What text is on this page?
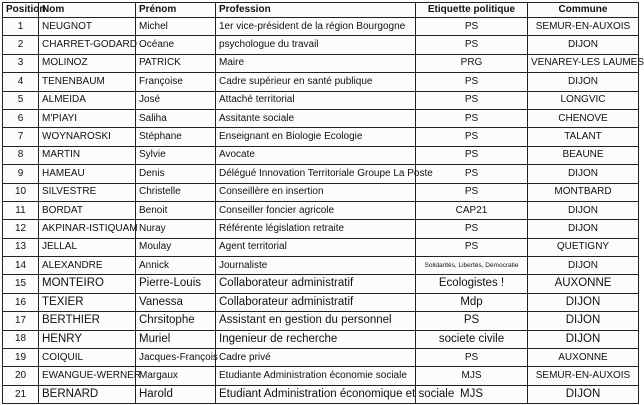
Position	Nom	Prénom	Profession	Etiquette politique	Commune
1	NEUGNOT	Michel	1er vice-président de la région Bourgogne	PS	SEMUR-EN-AUXOIS
2	CHARRET-GODARD	Océane	psychologue du travail	PS	DIJON
3	MOLINOZ	PATRICK	Maire	PRG	VENAREY-LES LAUMES
4	TENENBAUM	Françoise	Cadre supérieur en santé publique	PS	DIJON
5	ALMEIDA	José	Attaché territorial	PS	LONGVIC
6	M'PIAYI	Saliha	Assitante sociale	PS	CHENOVE
7	WOYNAROSKI	Stéphane	Enseignant en Biologie Ecologie	PS	TALANT
8	MARTIN	Sylvie	Avocate	PS	BEAUNE
9	HAMEAU	Denis	Délégué Innovation Territoriale Groupe La Poste	PS	DIJON
10	SILVESTRE	Christelle	Conseillère en insertion	PS	MONTBARD
11	BORDAT	Benoit	Conseiller foncier agricole	CAP21	DIJON
12	AKPINAR-ISTIQUAM	Nuray	Référente législation retraite	PS	DIJON
13	JELLAL	Moulay	Agent territorial	PS	QUETIGNY
14	ALEXANDRE	Annick	Journaliste	Solidarités, Libertés, Démocratie	DIJON
15	MONTEIRO	Pierre-Louis	Collaborateur administratif	Ecologistes !	AUXONNE
16	TEXIER	Vanessa	Collaborateur administratif	Mdp	DIJON
17	BERTHIER	Chrsitophe	Assistant en gestion du personnel	PS	DIJON
18	HENRY	Muriel	Ingenieur de recherche	societe civile	DIJON
19	COIQUIL	Jacques-François	Cadre privé	PS	AUXONNE
20	EWANGUE-WERNER	Margaux	Etudiante Administration économie sociale	MJS	SEMUR-EN-AUXOIS
21	BERNARD	Harold	Etudiant Administration économique et sociale	MJS	DIJON
